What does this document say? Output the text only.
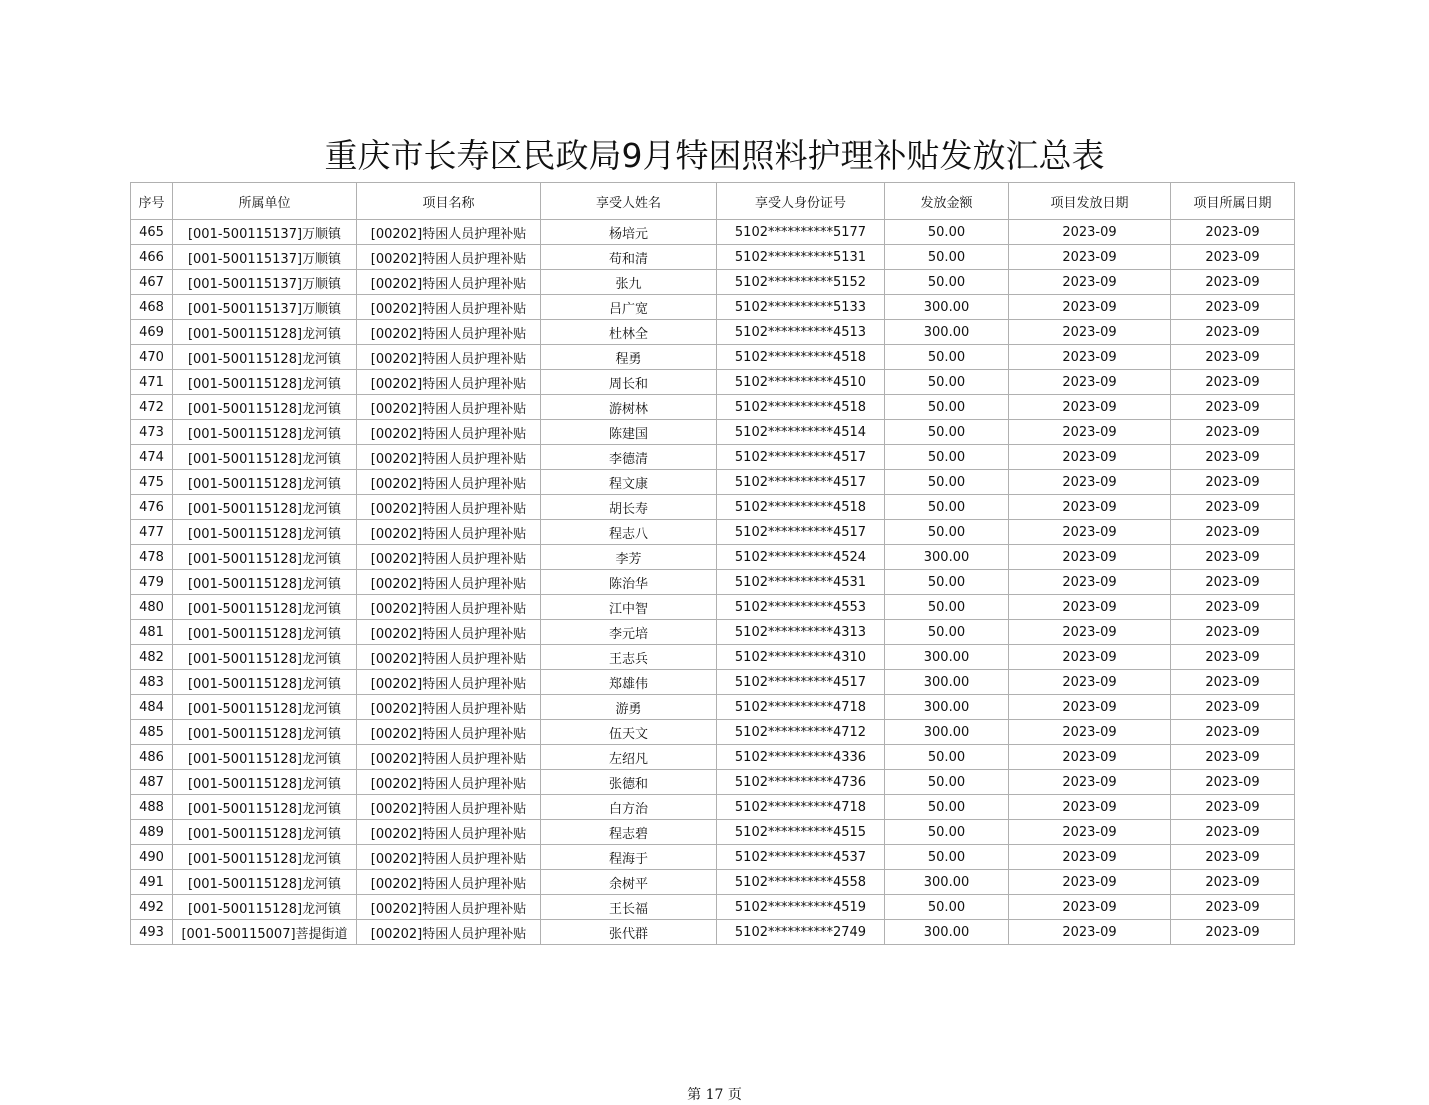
重庆市长寿区民政局9月特困照料护理补贴发放汇总表
序号	所属单位	项目名称	享受人姓名	享受人身份证号	发放金额	项目发放日期	项目所属日期
465	[001-500115137]万顺镇	[00202]特困人员护理补贴	杨培元	5102**********5177	50.00	2023-09	2023-09
466	[001-500115137]万顺镇	[00202]特困人员护理补贴	苟和清	5102**********5131	50.00	2023-09	2023-09
467	[001-500115137]万顺镇	[00202]特困人员护理补贴	张九	5102**********5152	50.00	2023-09	2023-09
468	[001-500115137]万顺镇	[00202]特困人员护理补贴	吕广宽	5102**********5133	300.00	2023-09	2023-09
469	[001-500115128]龙河镇	[00202]特困人员护理补贴	杜林全	5102**********4513	300.00	2023-09	2023-09
470	[001-500115128]龙河镇	[00202]特困人员护理补贴	程勇	5102**********4518	50.00	2023-09	2023-09
471	[001-500115128]龙河镇	[00202]特困人员护理补贴	周长和	5102**********4510	50.00	2023-09	2023-09
472	[001-500115128]龙河镇	[00202]特困人员护理补贴	游树林	5102**********4518	50.00	2023-09	2023-09
473	[001-500115128]龙河镇	[00202]特困人员护理补贴	陈建国	5102**********4514	50.00	2023-09	2023-09
474	[001-500115128]龙河镇	[00202]特困人员护理补贴	李德清	5102**********4517	50.00	2023-09	2023-09
475	[001-500115128]龙河镇	[00202]特困人员护理补贴	程文康	5102**********4517	50.00	2023-09	2023-09
476	[001-500115128]龙河镇	[00202]特困人员护理补贴	胡长寿	5102**********4518	50.00	2023-09	2023-09
477	[001-500115128]龙河镇	[00202]特困人员护理补贴	程志八	5102**********4517	50.00	2023-09	2023-09
478	[001-500115128]龙河镇	[00202]特困人员护理补贴	李芳	5102**********4524	300.00	2023-09	2023-09
479	[001-500115128]龙河镇	[00202]特困人员护理补贴	陈治华	5102**********4531	50.00	2023-09	2023-09
480	[001-500115128]龙河镇	[00202]特困人员护理补贴	江中智	5102**********4553	50.00	2023-09	2023-09
481	[001-500115128]龙河镇	[00202]特困人员护理补贴	李元培	5102**********4313	50.00	2023-09	2023-09
482	[001-500115128]龙河镇	[00202]特困人员护理补贴	王志兵	5102**********4310	300.00	2023-09	2023-09
483	[001-500115128]龙河镇	[00202]特困人员护理补贴	郑雄伟	5102**********4517	300.00	2023-09	2023-09
484	[001-500115128]龙河镇	[00202]特困人员护理补贴	游勇	5102**********4718	300.00	2023-09	2023-09
485	[001-500115128]龙河镇	[00202]特困人员护理补贴	伍天文	5102**********4712	300.00	2023-09	2023-09
486	[001-500115128]龙河镇	[00202]特困人员护理补贴	左绍凡	5102**********4336	50.00	2023-09	2023-09
487	[001-500115128]龙河镇	[00202]特困人员护理补贴	张德和	5102**********4736	50.00	2023-09	2023-09
488	[001-500115128]龙河镇	[00202]特困人员护理补贴	白方治	5102**********4718	50.00	2023-09	2023-09
489	[001-500115128]龙河镇	[00202]特困人员护理补贴	程志碧	5102**********4515	50.00	2023-09	2023-09
490	[001-500115128]龙河镇	[00202]特困人员护理补贴	程海于	5102**********4537	50.00	2023-09	2023-09
491	[001-500115128]龙河镇	[00202]特困人员护理补贴	余树平	5102**********4558	300.00	2023-09	2023-09
492	[001-500115128]龙河镇	[00202]特困人员护理补贴	王长福	5102**********4519	50.00	2023-09	2023-09
493	[001-500115007]菩提街道	[00202]特困人员护理补贴	张代群	5102**********2749	300.00	2023-09	2023-09
第 17 页
